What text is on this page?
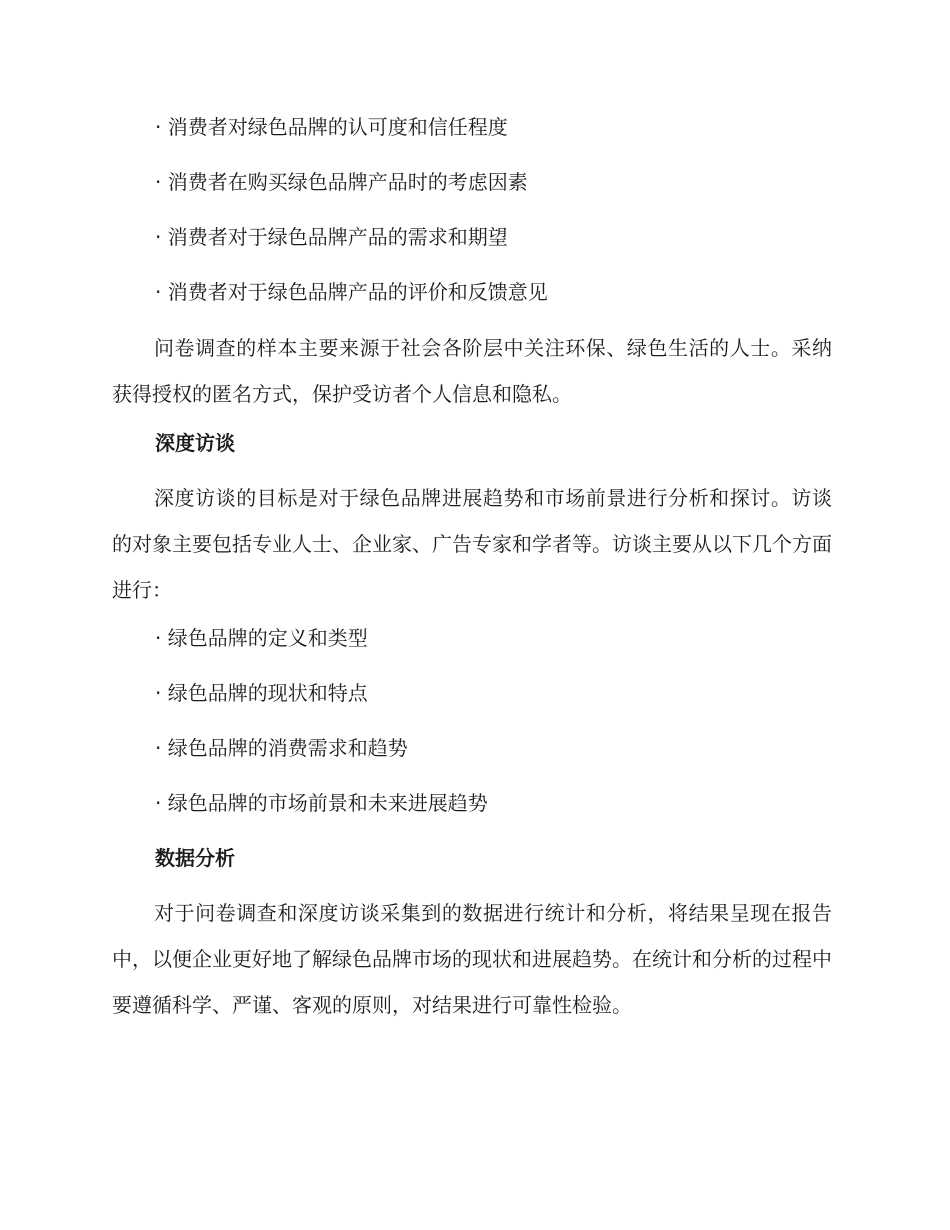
· 消费者对绿色品牌的认可度和信任程度
· 消费者在购买绿色品牌产品时的考虑因素
· 消费者对于绿色品牌产品的需求和期望
· 消费者对于绿色品牌产品的评价和反馈意见
问卷调查的样本主要来源于社会各阶层中关注环保、绿色生活的人士。采纳获得授权的匿名方式，保护受访者个人信息和隐私。
深度访谈
深度访谈的目标是对于绿色品牌进展趋势和市场前景进行分析和探讨。访谈的对象主要包括专业人士、企业家、广告专家和学者等。访谈主要从以下几个方面进行：
· 绿色品牌的定义和类型
· 绿色品牌的现状和特点
· 绿色品牌的消费需求和趋势
· 绿色品牌的市场前景和未来进展趋势
数据分析
对于问卷调查和深度访谈采集到的数据进行统计和分析，将结果呈现在报告中，以便企业更好地了解绿色品牌市场的现状和进展趋势。在统计和分析的过程中要遵循科学、严谨、客观的原则，对结果进行可靠性检验。
